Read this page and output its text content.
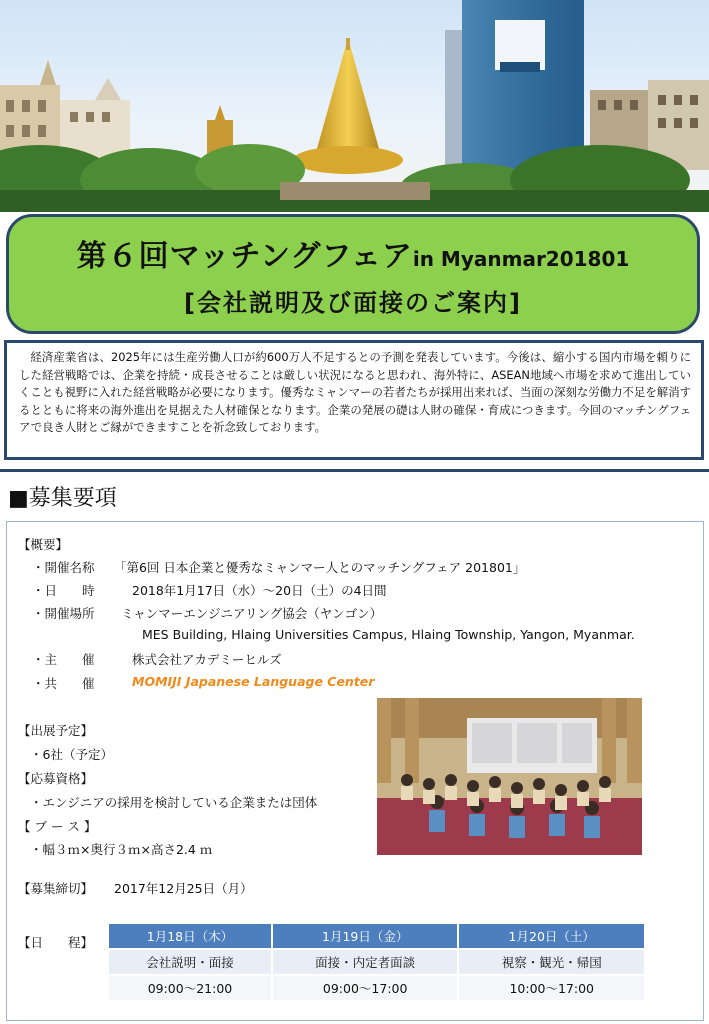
第６回マッチングフェアin Myanmar201801
[会社説明及び面接のご案内]
経済産業省は、2025年には生産労働人口が約600万人不足するとの予測を発表しています。今後は、縮小する国内市場を頼りにした経営戦略では、企業を持続・成長させることは厳しい状況になると思われ、海外特に、ASEAN地域へ市場を求めて進出していくことも視野に入れた経営戦略が必要になります。優秀なミャンマーの若者たちが採用出来れば、当面の深刻な労働力不足を解消するとともに将来の海外進出を見据えた人材確保となります。企業の発展の礎は人財の確保・育成につきます。今回のマッチングフェアで良き人財とご縁ができますことを祈念致しております。
■募集要項
【概要】
・開催名称 「第6回 日本企業と優秀なミャンマー人とのマッチングフェア 201801」
・日　　時	2018年1月17日（水）〜20日（土）の4日間
・開催場所 ミャンマーエンジニアリング協会（ヤンゴン）
MES Building, Hlaing Universities Campus, Hlaing Township, Yangon, Myanmar.
・主　　催	株式会社アカデミーヒルズ
・共　　催	MOMIJI Japanese Language Center
【出展予定】
・6社（予定）
【応募資格】
・エンジニアの採用を検討している企業または団体
【 ブ ー ス 】
・幅３ｍ×奥行３ｍ×高さ2.4 ｍ
【募集締切】 2017年12月25日（月）
【日　　程】	1月18日（木）	1月19日（金）	1月20日（土）
会社説明・面接	面接・内定者面談	視察・観光・帰国
09:00〜21:00	09:00〜17:00	10:00〜17:00
